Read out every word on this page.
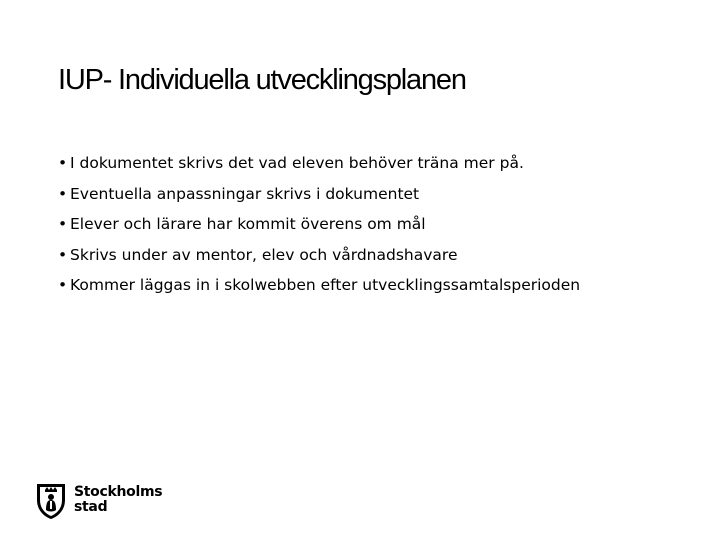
IUP- Individuella utvecklingsplanen
• I dokumentet skrivs det vad eleven behöver träna mer på.
• Eventuella anpassningar skrivs i dokumentet
• Elever och lärare har kommit överens om mål
• Skrivs under av mentor, elev och vårdnadshavare
• Kommer läggas in i skolwebben efter utvecklingssamtalsperioden
Stockholms
stad
